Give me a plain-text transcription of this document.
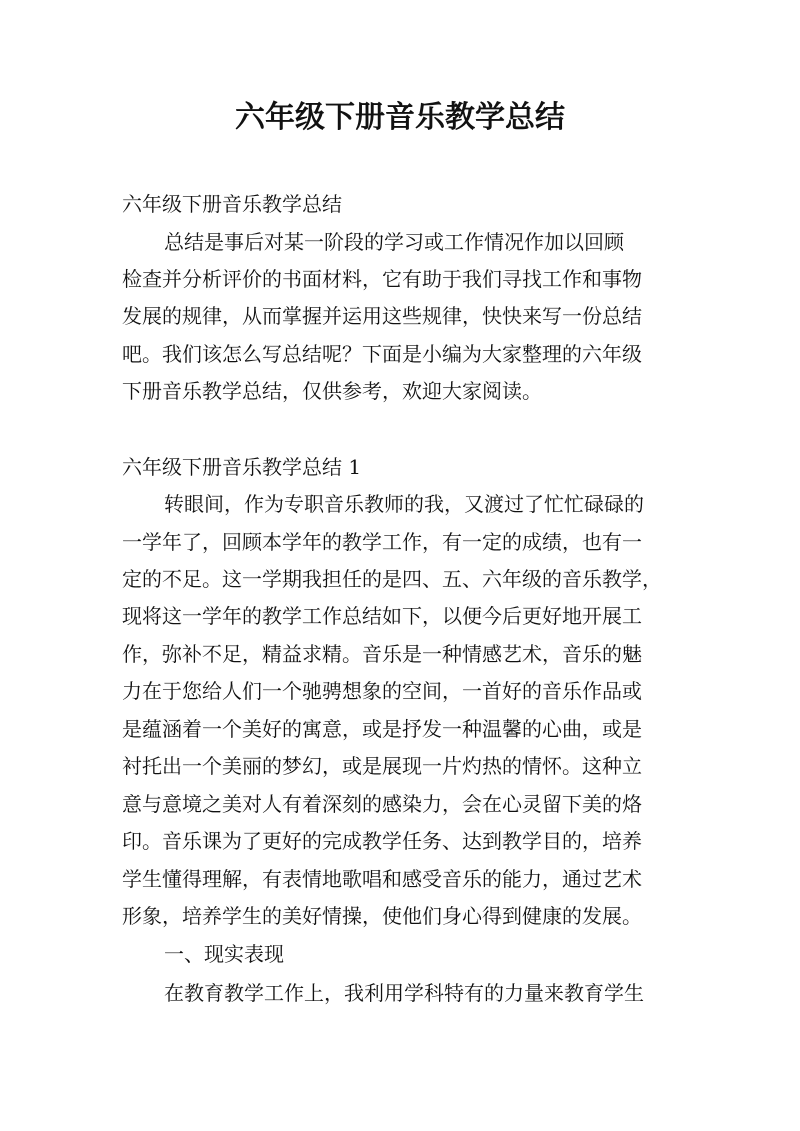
六年级下册音乐教学总结
六年级下册音乐教学总结
总结是事后对某一阶段的学习或工作情况作加以回顾
检查并分析评价的书面材料，它有助于我们寻找工作和事物
发展的规律，从而掌握并运用这些规律，快快来写一份总结
吧。我们该怎么写总结呢？下面是小编为大家整理的六年级
下册音乐教学总结，仅供参考，欢迎大家阅读。
六年级下册音乐教学总结 1
转眼间，作为专职音乐教师的我，又渡过了忙忙碌碌的
一学年了，回顾本学年的教学工作，有一定的成绩，也有一
定的不足。这一学期我担任的是四、五、六年级的音乐教学，
现将这一学年的教学工作总结如下，以便今后更好地开展工
作，弥补不足，精益求精。音乐是一种情感艺术，音乐的魅
力在于您给人们一个驰骋想象的空间，一首好的音乐作品或
是蕴涵着一个美好的寓意，或是抒发一种温馨的心曲，或是
衬托出一个美丽的梦幻，或是展现一片灼热的情怀。这种立
意与意境之美对人有着深刻的感染力，会在心灵留下美的烙
印。音乐课为了更好的完成教学任务、达到教学目的，培养
学生懂得理解，有表情地歌唱和感受音乐的能力，通过艺术
形象，培养学生的美好情操，使他们身心得到健康的发展。
一、现实表现
在教育教学工作上，我利用学科特有的力量来教育学生
